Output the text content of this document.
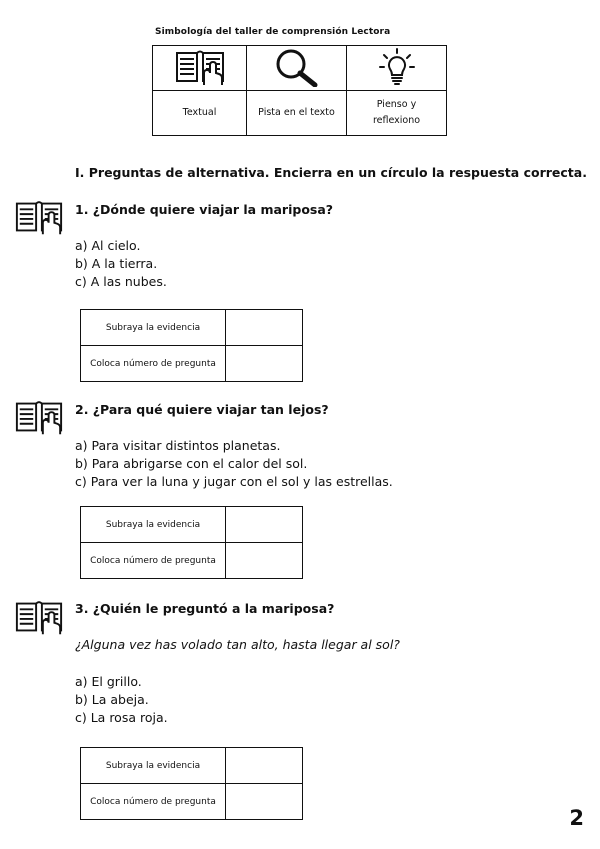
Simbología del taller de comprensión Lectora

Textual	Pista en el texto	Pienso y
reflexiono
I. Preguntas de alternativa. Encierra en un círculo la respuesta correcta.
1. ¿Dónde quiere viajar la mariposa?
a) Al cielo.
b) A la tierra.
c) A las nubes.
Subraya la evidencia	
Coloca número de pregunta	
2. ¿Para qué quiere viajar tan lejos?
a) Para visitar distintos planetas.
b) Para abrigarse con el calor del sol.
c) Para ver la luna y jugar con el sol y las estrellas.
Subraya la evidencia	
Coloca número de pregunta	
3. ¿Quién le preguntó a la mariposa?
¿Alguna vez has volado tan alto, hasta llegar al sol?
a) El grillo.
b) La abeja.
c) La rosa roja.
Subraya la evidencia	
Coloca número de pregunta	
2
